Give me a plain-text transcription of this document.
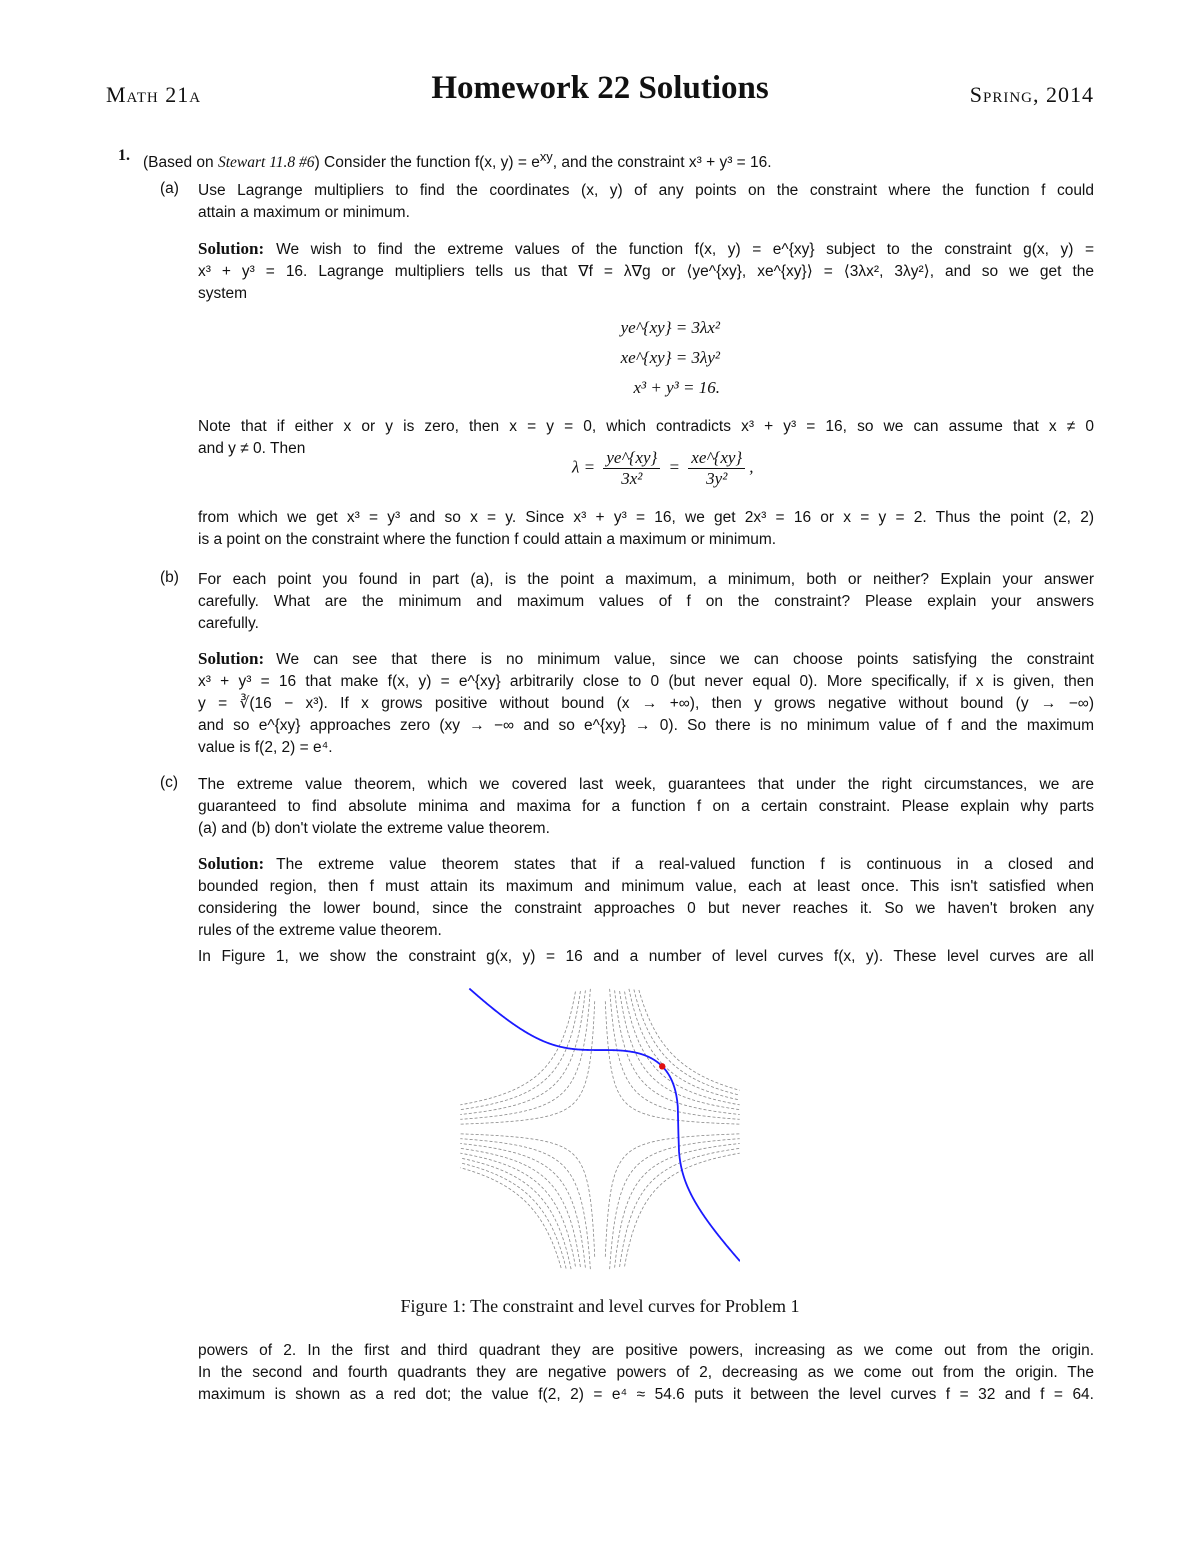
Math 21a	Homework 22 Solutions	Spring, 2014
1. (Based on Stewart 11.8 #6) Consider the function f(x, $y) = e^{xy}$, and the constraint x³ + y³ = 16.
(a) Use Lagrange multipliers to find the coordinates (x, y) of any points on the constraint where the function f could
attain a maximum or minimum.
Solution: We wish to find the extreme values of the function f(x, y) = e^{xy} subject to the constraint g(x, y) =
x³ + y³ = 16. Lagrange multipliers tells us that ∇f = λ∇g or ⟨ye^{xy}, xe^{xy}⟩ = ⟨3λx², 3λy²⟩, and so we get the
system
ye^{xy} = 3λx²
xe^{xy} = 3λy²
x³ + y³ = 16.
Note that if either x or y is zero, then x = y = 0, which contradicts x³ + y³ = 16, so we can assume that x ≠ 0
and y ≠ 0. Then
$\lambda = \frac{ye\^{}\{xy\}}{\text{3x²}} = \frac{xe\^{}\{xy\}}{\text{3y²}}$ ,
from which we get x³ = y³ and so x = y. Since x³ + y³ = 16, we get 2x³ = 16 or x = y = 2. Thus the point (2, 2)
is a point on the constraint where the function f could attain a maximum or minimum.
(b) For each point you found in part (a), is the point a maximum, a minimum, both or neither? Explain your answer
carefully. What are the minimum and maximum values of f on the constraint? Please explain your answers
carefully.
Solution: We can see that there is no minimum value, since we can choose points satisfying the constraint
x³ + y³ = 16 that make f(x, y) = e^{xy} arbitrarily close to 0 (but never equal 0). More specifically, if x is given, then
y = ∛(16 − x³). If x grows positive without bound (x → +∞), then y grows negative without bound (y → −∞)
and so e^{xy} approaches zero (xy → −∞ and so e^{xy} → 0). So there is no minimum value of f and the maximum
value is f(2, 2) = e⁴.
(c) The extreme value theorem, which we covered last week, guarantees that under the right circumstances, we are
guaranteed to find absolute minima and maxima for a function f on a certain constraint. Please explain why parts
(a) and (b) don't violate the extreme value theorem.
Solution: The extreme value theorem states that if a real-valued function f is continuous in a closed and
bounded region, then f must attain its maximum and minimum value, each at least once. This isn't satisfied when
considering the lower bound, since the constraint approaches 0 but never reaches it. So we haven't broken any
rules of the extreme value theorem.
In Figure 1, we show the constraint g(x, y) = 16 and a number of level curves f(x, y). These level curves are all
Figure 1: The constraint and level curves for Problem 1
powers of 2. In the first and third quadrant they are positive powers, increasing as we come out from the origin.
In the second and fourth quadrants they are negative powers of 2, decreasing as we come out from the origin. The
maximum is shown as a red dot; the value f(2, 2) = e⁴ ≈ 54.6 puts it between the level curves f = 32 and f = 64.
